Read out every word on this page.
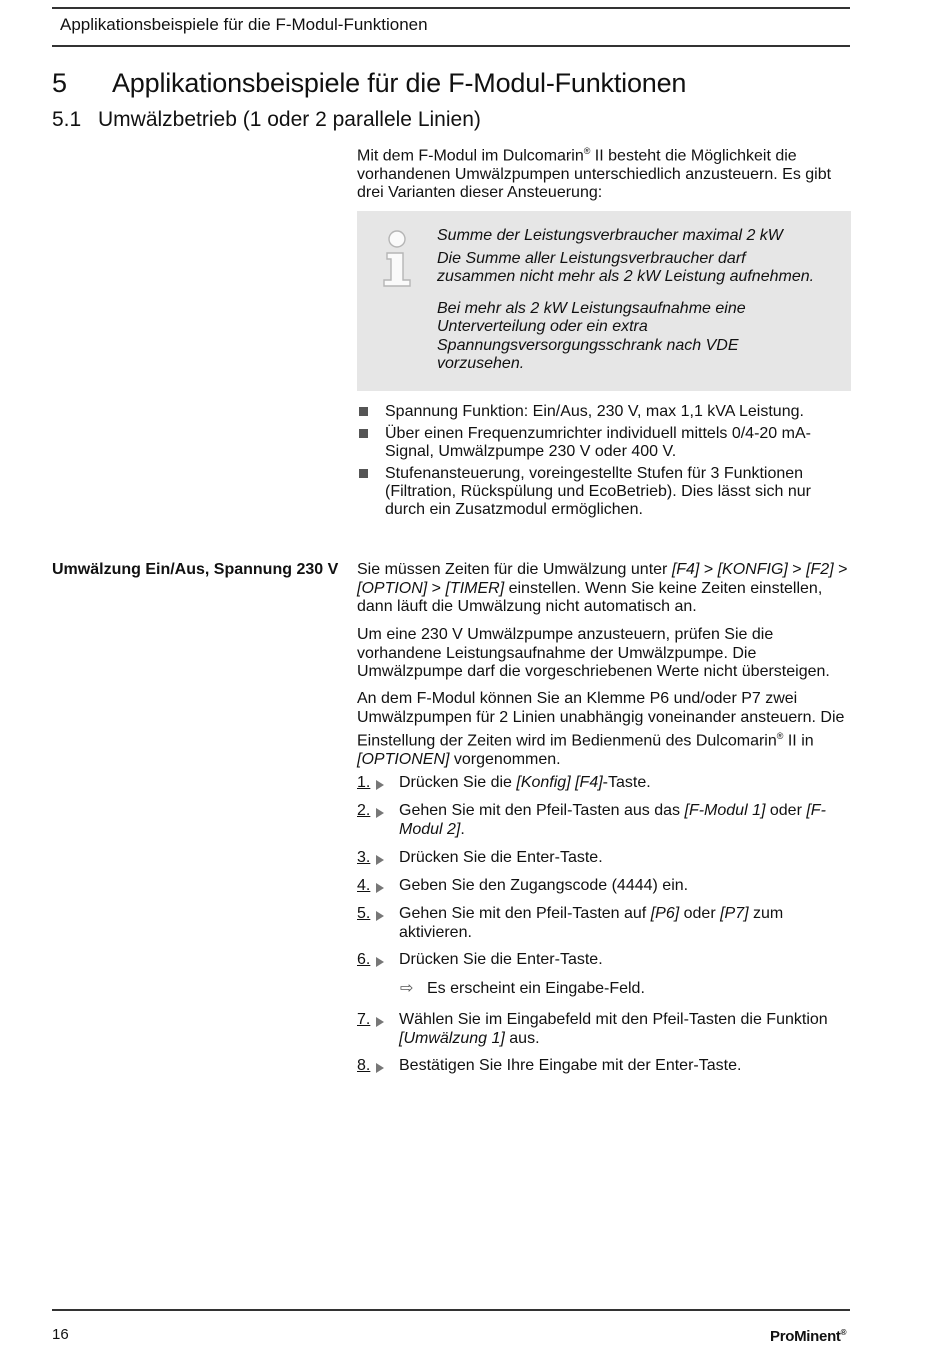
Applikationsbeispiele für die F-Modul-Funktionen
5 Applikationsbeispiele für die F-Modul-Funktionen
5.1 Umwälzbetrieb (1 oder 2 parallele Linien)
Mit dem F-Modul im Dulcomarin® II besteht die Möglichkeit die vorhandenen Umwälzpumpen unterschiedlich anzusteuern. Es gibt drei Varianten dieser Ansteuerung:

Summe der Leistungsverbraucher maximal 2 kW

Die Summe aller Leistungsverbraucher darf zusammen nicht mehr als 2 kW Leistung aufnehmen.

Bei mehr als 2 kW Leistungsaufnahme eine Unterverteilung oder ein extra Spannungsversorgungsschrank nach VDE vorzusehen.

Spannung Funktion: Ein/Aus, 230 V, max 1,1 kVA Leistung.
Über einen Frequenzumrichter individuell mittels 0/4-20 mA-Signal, Umwälzpumpe 230 V oder 400 V.
Stufenansteuerung, voreingestellte Stufen für 3 Funktionen (Filtration, Rückspülung und EcoBetrieb). Dies lässt sich nur durch ein Zusatzmodul ermöglichen.
Umwälzung Ein/Aus, Spannung 230 V Sie müssen Zeiten für die Umwälzung unter [F4] > [KONFIG] > [F2] > [OPTION] > [TIMER] einstellen. Wenn Sie keine Zeiten einstellen, dann läuft die Umwälzung nicht automatisch an.

Um eine 230 V Umwälzpumpe anzusteuern, prüfen Sie die vorhandene Leistungsaufnahme der Umwälzpumpe. Die Umwälzpumpe darf die vorgeschriebenen Werte nicht übersteigen.

An dem F-Modul können Sie an Klemme P6 und/oder P7 zwei Umwälzpumpen für 2 Linien unabhängig voneinander ansteuern. Die Einstellung der Zeiten wird im Bedienmenü des Dulcomarin® II in [OPTIONEN] vorgenommen.

1.	Drücken Sie die [Konfig] [F4]-Taste.
2.	Gehen Sie mit den Pfeil-Tasten aus das [F-Modul 1] oder [F-Modul 2].
3.	Drücken Sie die Enter-Taste.
4.	Geben Sie den Zugangscode (4444) ein.
5.	Gehen Sie mit den Pfeil-Tasten auf [P6] oder [P7] zum aktivieren.
6.	Drücken Sie die Enter-Taste.
⇨ Es erscheint ein Eingabe-Feld.
7.	Wählen Sie im Eingabefeld mit den Pfeil-Tasten die Funktion [Umwälzung 1] aus.
8.	Bestätigen Sie Ihre Eingabe mit der Enter-Taste.
16	ProMinent®
